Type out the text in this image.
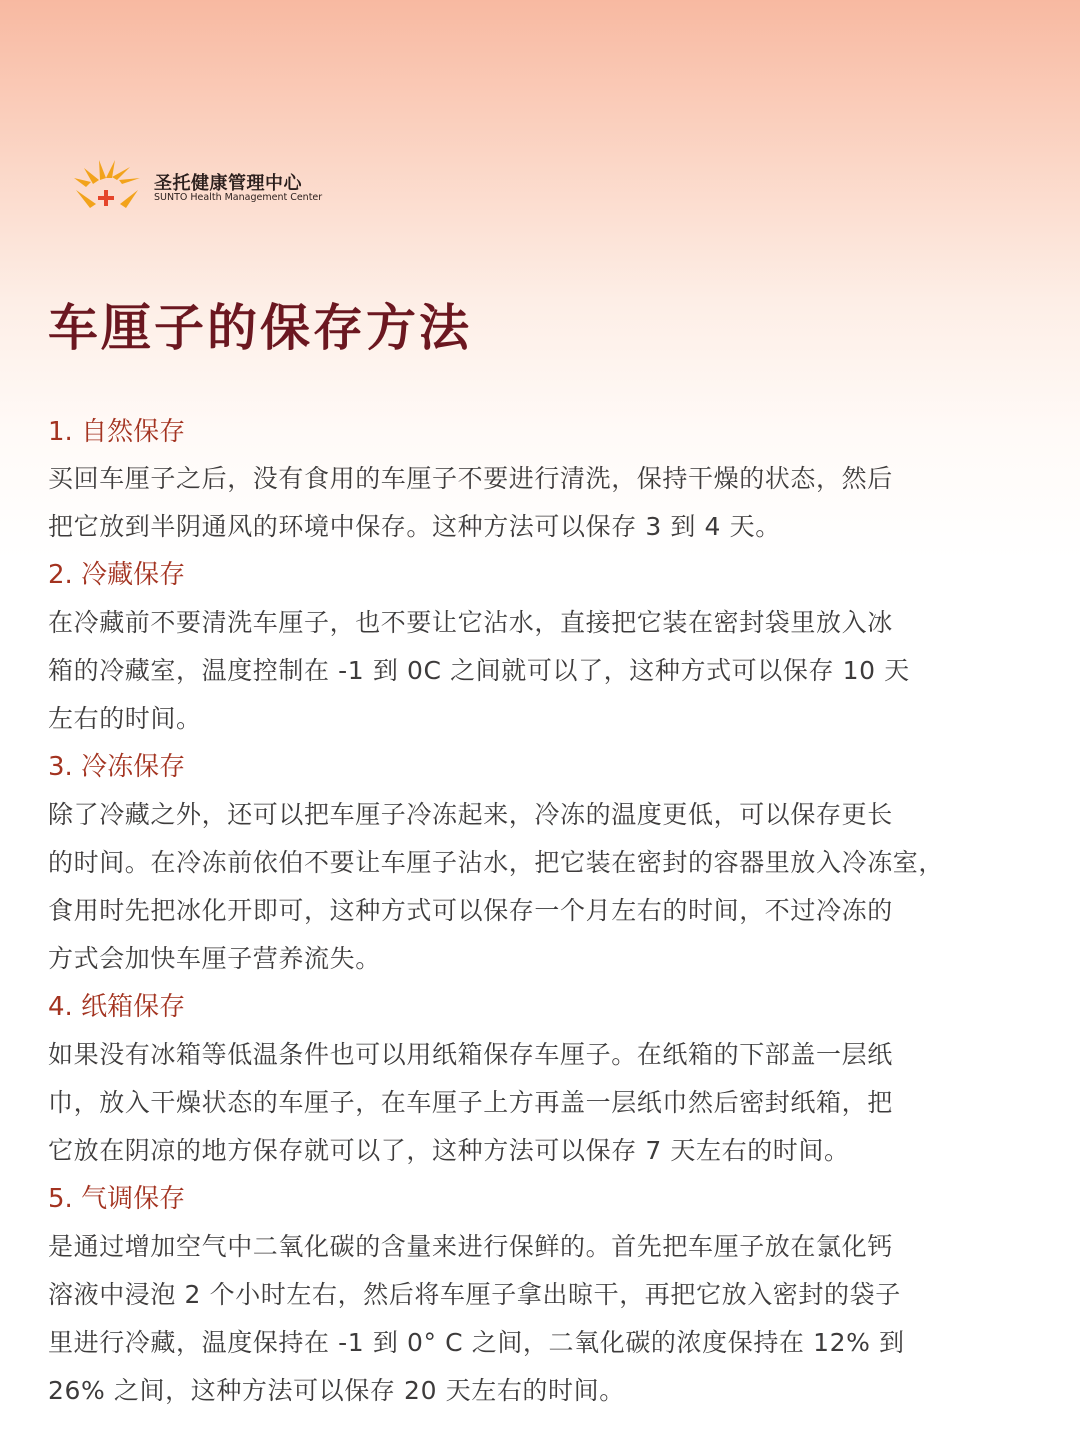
圣托健康管理中心
SUNTO Health Management Center
车厘子的保存方法
1. 自然保存
买回车厘子之后，没有食用的车厘子不要进行清洗，保持干燥的状态，然后
把它放到半阴通风的环境中保存。这种方法可以保存 3 到 4 天。
2. 冷藏保存
在冷藏前不要清洗车厘子，也不要让它沾水，直接把它装在密封袋里放入冰
箱的冷藏室，温度控制在 -1 到 0C 之间就可以了，这种方式可以保存 10 天
左右的时间。
3. 冷冻保存
除了冷藏之外，还可以把车厘子冷冻起来，冷冻的温度更低，可以保存更长
的时间。在冷冻前依伯不要让车厘子沾水，把它装在密封的容器里放入冷冻室，
食用时先把冰化开即可，这种方式可以保存一个月左右的时间，不过冷冻的
方式会加快车厘子营养流失。
4. 纸箱保存
如果没有冰箱等低温条件也可以用纸箱保存车厘子。在纸箱的下部盖一层纸
巾，放入干燥状态的车厘子，在车厘子上方再盖一层纸巾然后密封纸箱，把
它放在阴凉的地方保存就可以了，这种方法可以保存 7 天左右的时间。
5. 气调保存
是通过增加空气中二氧化碳的含量来进行保鲜的。首先把车厘子放在氯化钙
溶液中浸泡 2 个小时左右，然后将车厘子拿出晾干，再把它放入密封的袋子
里进行冷藏，温度保持在 -1 到 0° C 之间，二氧化碳的浓度保持在 12% 到
26% 之间，这种方法可以保存 20 天左右的时间。
